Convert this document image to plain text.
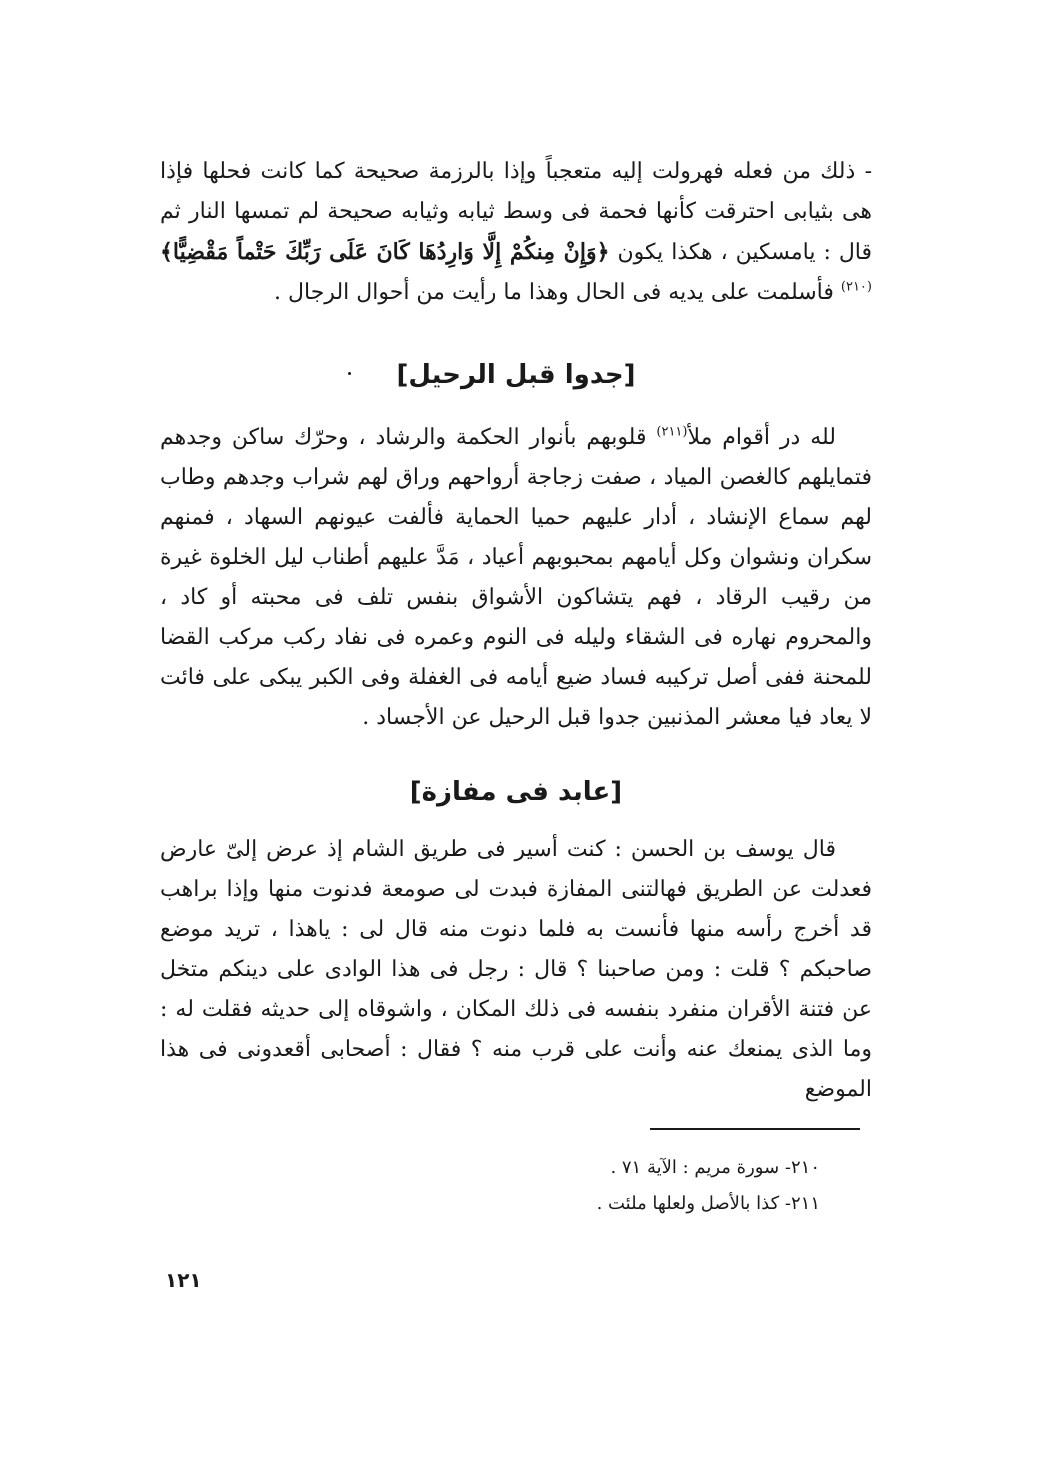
- ذلك من فعله فهرولت إليه متعجباً وإذا بالرزمة صحيحة كما كانت فحلها فإذا هى بثيابى احترقت كأنها فحمة فى وسط ثيابه وثيابه صحيحة لم تمسها النار ثم قال : يامسكين ، هكذا يكون ﴿وَإِنْ مِنكُمْ إِلَّا وَارِدُهَا كَانَ عَلَى رَبِّكَ حَتْماً مَقْضِيًّا﴾$^{(٢١٠)}$ فأسلمت على يديه فى الحال وهذا ما رأيت من أحوال الرجال .

[جدوا قبل الرحيل]

لله در أقوام ملأ$^{(٢١١)}$ قلوبهم بأنوار الحكمة والرشاد ، وحرّك ساكن وجدهم فتمايلهم كالغصن المياد ، صفت زجاجة أرواحهم وراق لهم شراب وجدهم وطاب لهم سماع الإنشاد ، أدار عليهم حميا الحماية فألفت عيونهم السهاد ، فمنهم سكران ونشوان وكل أيامهم بمحبوبهم أعياد ، مَدَّ عليهم أطناب ليل الخلوة غيرة من رقيب الرقاد ، فهم يتشاكون الأشواق بنفس تلف فى محبته أو كاد ، والمحروم نهاره فى الشقاء وليله فى النوم وعمره فى نفاد ركب مركب القضا للمحنة ففى أصل تركيبه فساد ضيع أيامه فى الغفلة وفى الكبر يبكى على فائت لا يعاد فيا معشر المذنبين جدوا قبل الرحيل عن الأجساد .

[عابد فى مفازة]

قال يوسف بن الحسن : كنت أسير فى طريق الشام إذ عرض إلىّ عارض فعدلت عن الطريق فهالتنى المفازة فبدت لى صومعة فدنوت منها وإذا براهب قد أخرج رأسه منها فأنست به فلما دنوت منه قال لى : ياهذا ، تريد موضع صاحبكم ؟ قلت : ومن صاحبنا ؟ قال : رجل فى هذا الوادى على دينكم متخل عن فتنة الأقران منفرد بنفسه فى ذلك المكان ، واشوقاه إلى حديثه فقلت له : وما الذى يمنعك عنه وأنت على قرب منه ؟ فقال : أصحابى أقعدونى فى هذا الموضع

٢١٠- سورة مريم : الآية ٧١ .
٢١١- كذا بالأصل ولعلها ملئت .
١٢١
